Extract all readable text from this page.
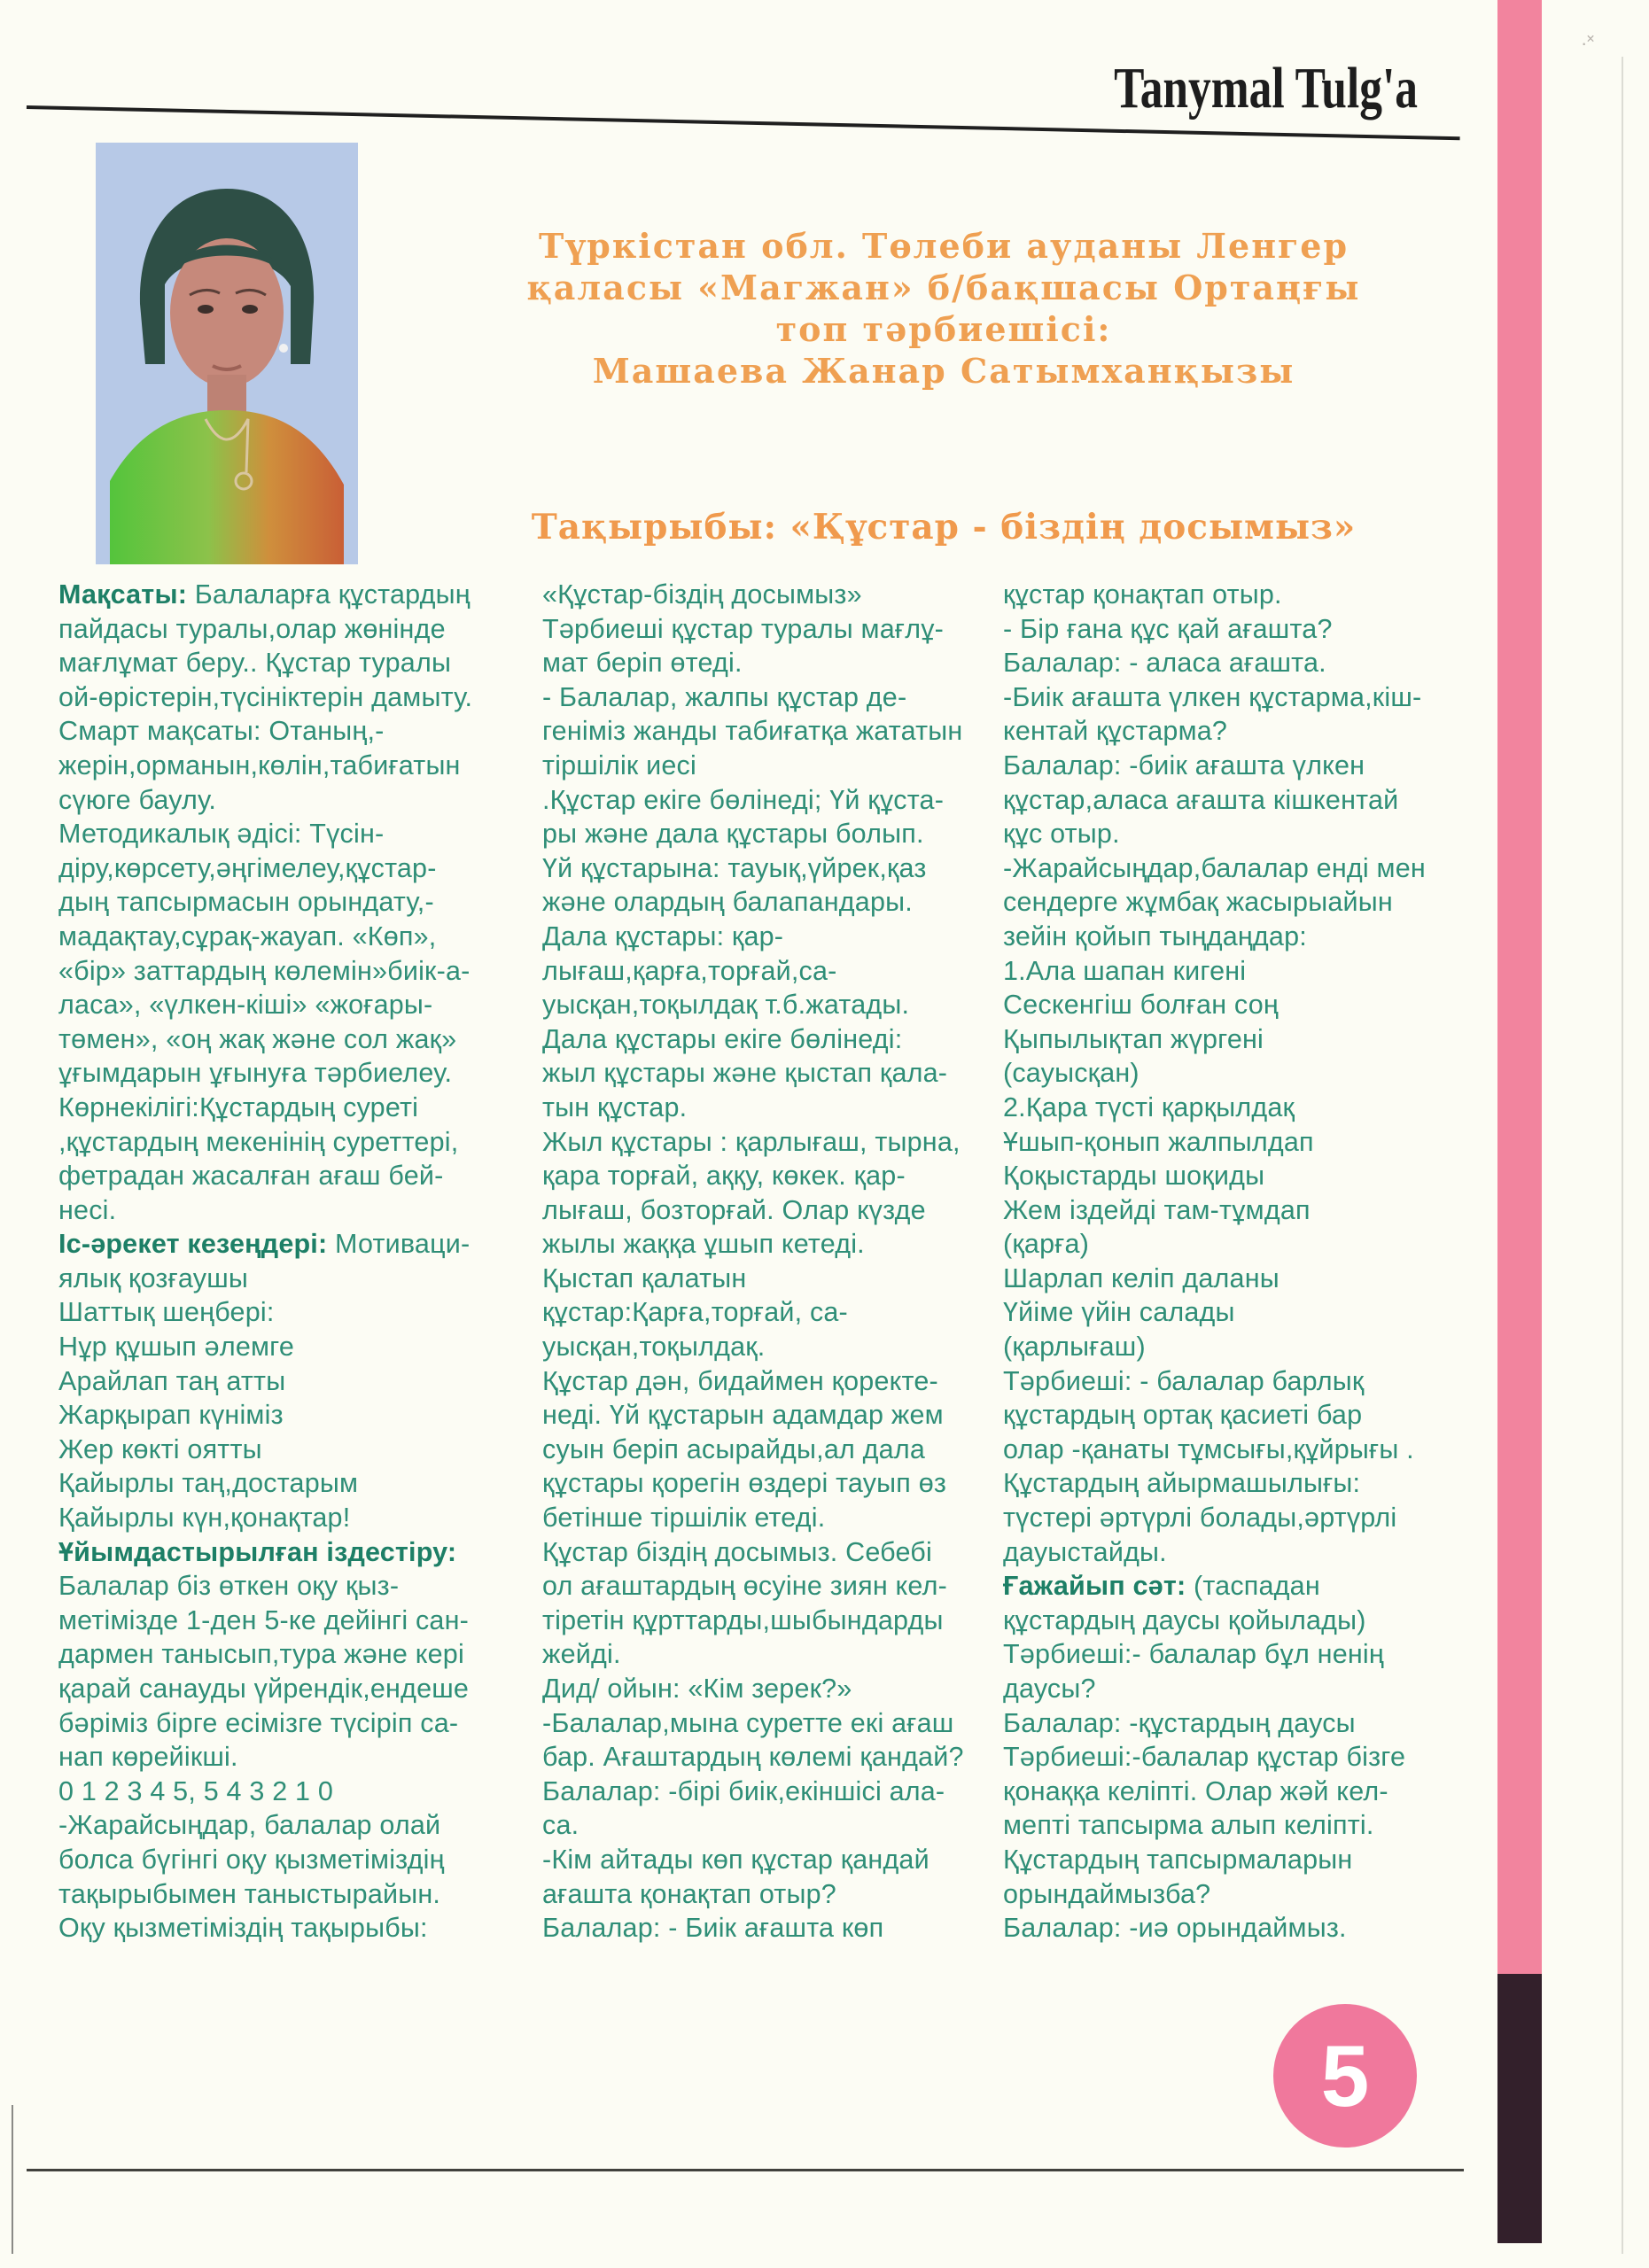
Tanymal Tulg'a
·˟
Түркістан обл. Төлеби ауданы Ленгер
қаласы «Магжан» б/бақшасы Ортаңғы
топ тәрбиешісі:
Машаева Жанар Сатымханқызы
Тақырыбы: «Құстар - біздің досымыз»
Мақсаты: Балаларға құстардың
пайдасы туралы,олар жөнінде
мағлұмат беру.. Құстар туралы
ой-өрістерін,түсініктерін дамыту.
Смарт мақсаты: Отаның,-
жерін,орманын,көлін,табиғатын
сүюге баулу.
Методикалық әдісі: Түсін-
діру,көрсету,әңгімелеу,құстар-
дың тапсырмасын орындату,-
мадақтау,сұрақ-жауап. «Көп»,
«бір» заттардың көлемін»биік-а-
ласа», «үлкен-кіші» «жоғары-
төмен», «оң жақ және сол жақ»
ұғымдарын ұғынуға тәрбиелеу.
Көрнекілігі:Құстардың суреті
,құстардың мекенінің суреттері,
фетрадан жасалған ағаш бей-
несі.
Іс-әрекет кезеңдері: Мотиваци-
ялық қозғаушы
Шаттық шеңбері:
Нұр құшып әлемге
Арайлап таң атты
Жарқырап күніміз
Жер көкті оятты
Қайырлы таң,достарым
Қайырлы күн,қонақтар!
Ұйымдастырылған іздестіру:
Балалар біз өткен оқу қыз-
метімізде 1-ден 5-ке дейінгі сан-
дармен танысып,тура және кері
қарай санауды үйрендік,ендеше
бәріміз бірге есімізге түсіріп са-
нап көрейікші.
0 1 2 3 4 5, 5 4 3 2 1 0
-Жарайсыңдар, балалар олай
болса бүгінгі оқу қызметіміздің
тақырыбымен таныстырайын.
Оқу қызметіміздің тақырыбы:
«Құстар-біздің досымыз»
Тәрбиеші құстар туралы мағлұ-
мат беріп өтеді.
- Балалар, жалпы құстар де-
геніміз жанды табиғатқа жататын
тіршілік иесі
.Құстар екіге бөлінеді; Үй құста-
ры және дала құстары болып.
Үй құстарына: тауық,үйрек,қаз
және олардың балапандары.
Дала құстары: қар-
лығаш,қарға,торғай,са-
уысқан,тоқылдақ т.б.жатады.
Дала құстары екіге бөлінеді:
жыл құстары және қыстап қала-
тын құстар.
Жыл құстары : қарлығаш, тырна,
қара торғай, аққу, көкек. қар-
лығаш, бозторғай. Олар күзде
жылы жаққа ұшып кетеді.
Қыстап қалатын
құстар:Қарға,торғай, са-
уысқан,тоқылдақ.
Құстар дән, бидаймен қоректе-
неді. Үй құстарын адамдар жем
суын беріп асырайды,ал дала
құстары қорегін өздері тауып өз
бетінше тіршілік етеді.
Құстар біздің досымыз. Себебі
ол ағаштардың өсуіне зиян кел-
тіретін құрттарды,шыбындарды
жейді.
Дид/ ойын: «Кім зерек?»
-Балалар,мына суретте екі ағаш
бар. Ағаштардың көлемі қандай?
Балалар: -бірі биік,екіншісі ала-
са.
-Кім айтады көп құстар қандай
ағашта қонақтап отыр?
Балалар: - Биік ағашта көп
құстар қонақтап отыр.
- Бір ғана құс қай ағашта?
Балалар: - аласа ағашта.
-Биік ағашта үлкен құстарма,кіш-
кентай құстарма?
Балалар: -биік ағашта үлкен
құстар,аласа ағашта кішкентай
құс отыр.
-Жарайсыңдар,балалар енді мен
сендерге жұмбақ жасырыайын
зейін қойып тыңдаңдар:
1.Ала шапан кигені
Сескенгіш болған соң
Қыпылықтап жүргені
(сауысқан)
2.Қара түсті қарқылдақ
Ұшып-қонып жалпылдап
Қоқыстарды шоқиды
Жем іздейді там-тұмдап
(қарға)
Шарлап келіп даланы
Үйіме үйін салады
(қарлығаш)
Тәрбиеші: - балалар барлық
құстардың ортақ қасиеті бар
олар -қанаты тұмсығы,құйрығы .
Құстардың айырмашылығы:
түстері әртүрлі болады,әртүрлі
дауыстайды.
Ғажайып сәт: (таспадан
құстардың даусы қойылады)
Тәрбиеші:- балалар бұл ненің
даусы?
Балалар: -құстардың даусы
Тәрбиеші:-балалар құстар бізге
қонаққа келіпті. Олар жәй кел-
мепті тапсырма алып келіпті.
Құстардың тапсырмаларын
орындаймызба?
Балалар: -иә орындаймыз.
5
